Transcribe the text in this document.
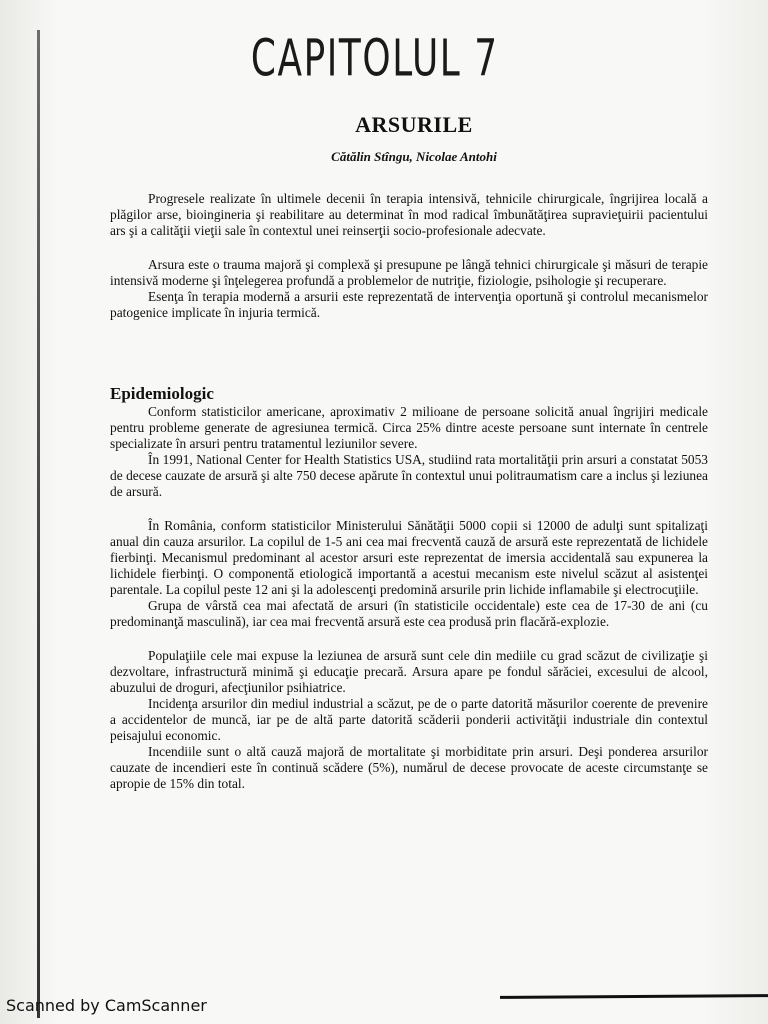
CAPITOLUL 7
ARSURILE
Cătălin Stîngu, Nicolae Antohi

Progresele realizate în ultimele decenii în terapia intensivă, tehnicile chirurgicale, îngrijirea locală a plăgilor arse, bioingineria şi reabilitare au determinat în mod radical îmbunătăţirea supravieţuirii pacientului ars şi a calităţii vieţii sale în contextul unei reinserţii socio-profesionale adecvate.

Arsura este o trauma majoră şi complexă şi presupune pe lângă tehnici chirurgicale şi măsuri de terapie intensivă moderne şi înţelegerea profundă a problemelor de nutriţie, fiziologie, psihologie şi recuperare.

Esenţa în terapia modernă a arsurii este reprezentată de intervenţia oportună şi controlul mecanismelor patogenice implicate în injuria termică.

Epidemiologic

Conform statisticilor americane, aproximativ 2 milioane de persoane solicită anual îngrijiri medicale pentru probleme generate de agresiunea termică. Circa 25% dintre aceste persoane sunt internate în centrele specializate în arsuri pentru tratamentul leziunilor severe.

În 1991, National Center for Health Statistics USA, studiind rata mortalităţii prin arsuri a constatat 5053 de decese cauzate de arsură şi alte 750 decese apărute în contextul unui politraumatism care a inclus şi leziunea de arsură.

În România, conform statisticilor Ministerului Sănătăţii 5000 copii si 12000 de adulţi sunt spitalizaţi anual din cauza arsurilor. La copilul de 1-5 ani cea mai frecventă cauză de arsură este reprezentată de lichidele fierbinţi. Mecanismul predominant al acestor arsuri este reprezentat de imersia accidentală sau expunerea la lichidele fierbinţi. O componentă etiologică importantă a acestui mecanism este nivelul scăzut al asistenţei parentale. La copilul peste 12 ani şi la adolescenţi predomină arsurile prin lichide inflamabile şi electrocuţiile.

Grupa de vârstă cea mai afectată de arsuri (în statisticile occidentale) este cea de 17-30 de ani (cu predominanţă masculină), iar cea mai frecventă arsură este cea produsă prin flacără-explozie.

Populaţiile cele mai expuse la leziunea de arsură sunt cele din mediile cu grad scăzut de civilizaţie şi dezvoltare, infrastructură minimă şi educaţie precară. Arsura apare pe fondul sărăciei, excesului de alcool, abuzului de droguri, afecţiunilor psihiatrice.

Incidenţa arsurilor din mediul industrial a scăzut, pe de o parte datorită măsurilor coerente de prevenire a accidentelor de muncă, iar pe de altă parte datorită scăderii ponderii activităţii industriale din contextul peisajului economic.

Incendiile sunt o altă cauză majoră de mortalitate şi morbiditate prin arsuri. Deşi ponderea arsurilor cauzate de incendieri este în continuă scădere (5%), numărul de decese provocate de aceste circumstanţe se apropie de 15% din total.

Scanned by CamScanner
